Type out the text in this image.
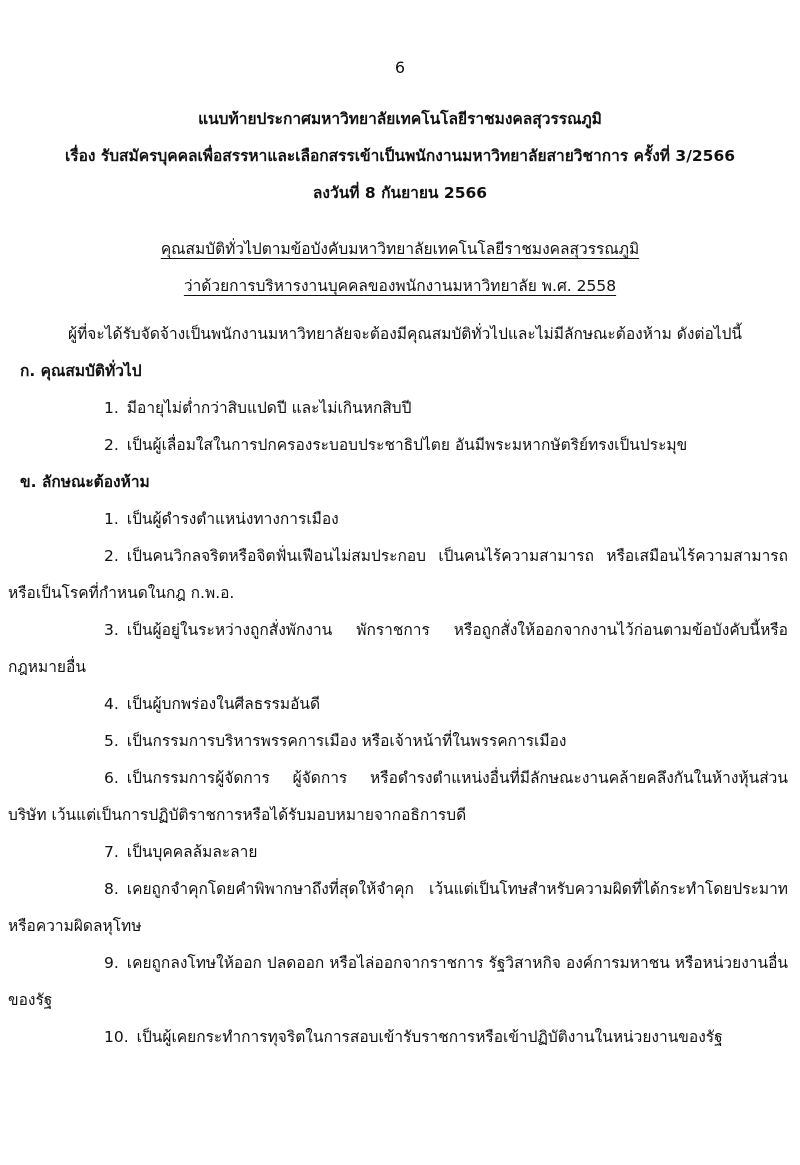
6
แนบท้ายประกาศมหาวิทยาลัยเทคโนโลยีราชมงคลสุวรรณภูมิ
เรื่อง รับสมัครบุคคลเพื่อสรรหาและเลือกสรรเข้าเป็นพนักงานมหาวิทยาลัยสายวิชาการ ครั้งที่ 3/2566
ลงวันที่ 8 กันยายน 2566
คุณสมบัติทั่วไปตามข้อบังคับมหาวิทยาลัยเทคโนโลยีราชมงคลสุวรรณภูมิ
ว่าด้วยการบริหารงานบุคคลของพนักงานมหาวิทยาลัย พ.ศ. 2558

ผู้ที่จะได้รับจัดจ้างเป็นพนักงานมหาวิทยาลัยจะต้องมีคุณสมบัติทั่วไปและไม่มีลักษณะต้องห้าม ดังต่อไปนี้

ก. คุณสมบัติทั่วไป

1. มีอายุไม่ต่ำกว่าสิบแปดปี และไม่เกินหกสิบปี

2. เป็นผู้เลื่อมใสในการปกครองระบอบประชาธิปไตย อันมีพระมหากษัตริย์ทรงเป็นประมุข

ข. ลักษณะต้องห้าม

1. เป็นผู้ดำรงตำแหน่งทางการเมือง

2. เป็นคนวิกลจริตหรือจิตฟั่นเฟือนไม่สมประกอบ เป็นคนไร้ความสามารถ หรือเสมือนไร้ความสามารถ หรือเป็นโรคที่กำหนดในกฎ ก.พ.อ.

3. เป็นผู้อยู่ในระหว่างถูกสั่งพักงาน พักราชการ หรือถูกสั่งให้ออกจากงานไว้ก่อนตามข้อบังคับนี้หรือกฎหมายอื่น

4. เป็นผู้บกพร่องในศีลธรรมอันดี

5. เป็นกรรมการบริหารพรรคการเมือง หรือเจ้าหน้าที่ในพรรคการเมือง

6. เป็นกรรมการผู้จัดการ ผู้จัดการ หรือดำรงตำแหน่งอื่นที่มีลักษณะงานคล้ายคลึงกันในห้างหุ้นส่วนบริษัท เว้นแต่เป็นการปฏิบัติราชการหรือได้รับมอบหมายจากอธิการบดี

7. เป็นบุคคลล้มละลาย

8. เคยถูกจำคุกโดยคำพิพากษาถึงที่สุดให้จำคุก เว้นแต่เป็นโทษสำหรับความผิดที่ได้กระทำโดยประมาทหรือความผิดลหุโทษ

9. เคยถูกลงโทษให้ออก ปลดออก หรือไล่ออกจากราชการ รัฐวิสาหกิจ องค์การมหาชน หรือหน่วยงานอื่นของรัฐ

10. เป็นผู้เคยกระทำการทุจริตในการสอบเข้ารับราชการหรือเข้าปฏิบัติงานในหน่วยงานของรัฐ
